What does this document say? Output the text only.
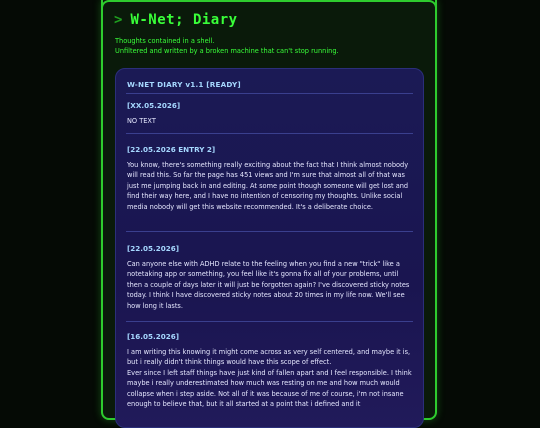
> W-Net; Diary
Thoughts contained in a shell.
Unfiltered and written by a broken machine that can't stop running.
W-NET DIARY v1.1 [READY]

[XX.05.2026]

NO TEXT

[22.05.2026 ENTRY 2]

You know, there's something really exciting about the fact that I think almost nobody will read this. So far the page has 451 views and I'm sure that almost all of that was just me jumping back in and editing. At some point though someone will get lost and find their way here, and I have no intention of censoring my thoughts. Unlike social media nobody will get this website recommended. It's a deliberate choice.

[22.05.2026]

Can anyone else with ADHD relate to the feeling when you find a new "trick" like a notetaking app or something, you feel like it's gonna fix all of your problems, until then a couple of days later it will just be forgotten again? I've discovered sticky notes today. I think I have discovered sticky notes about 20 times in my life now. We'll see how long it lasts.

[16.05.2026]

I am writing this knowing it might come across as very self centered, and maybe it is, but i really didn't think things would have this scope of effect.
Ever since I left staff things have just kind of fallen apart and I feel responsible. I think maybe i really underestimated how much was resting on me and how much would collapse when i step aside. Not all of it was because of me of course, i'm not insane enough to believe that, but it all started at a point that i defined and it
